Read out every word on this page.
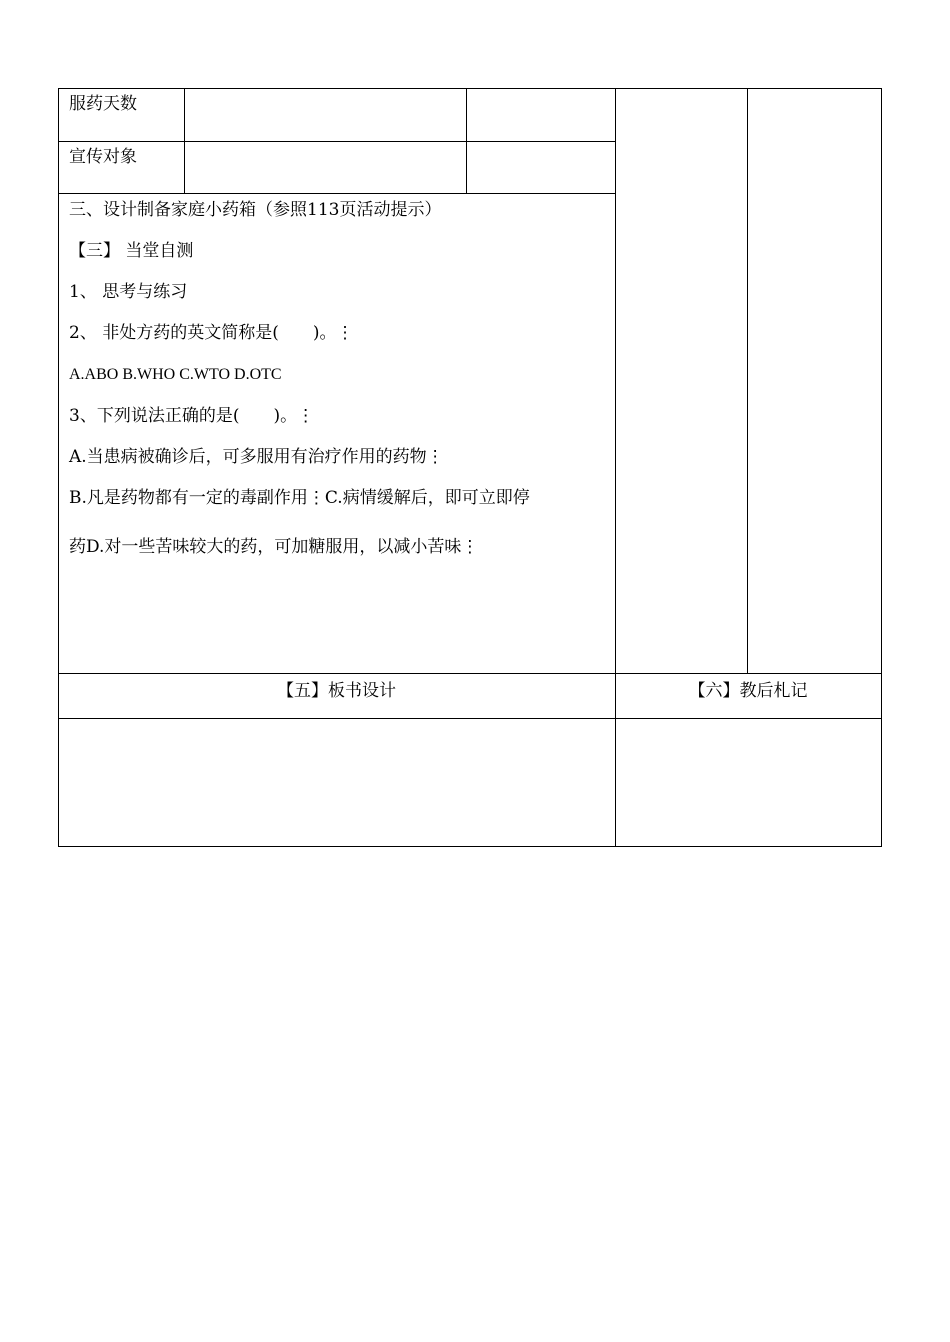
服药天数
宣传对象
三、设计制备家庭小药箱（参照113页活动提示）
【三】 当堂自测
1、 思考与练习
2、 非处方药的英文简称是(　　)。⋮
A.ABO B.WHO C.WTO D.OTC
3、下列说法正确的是(　　)。⋮
A.当患病被确诊后，可多服用有治疗作用的药物⋮
B.凡是药物都有一定的毒副作用⋮C.病情缓解后，即可立即停
药D.对一些苦味较大的药，可加糖服用，以减小苦味⋮
【五】板书设计	【六】教后札记
